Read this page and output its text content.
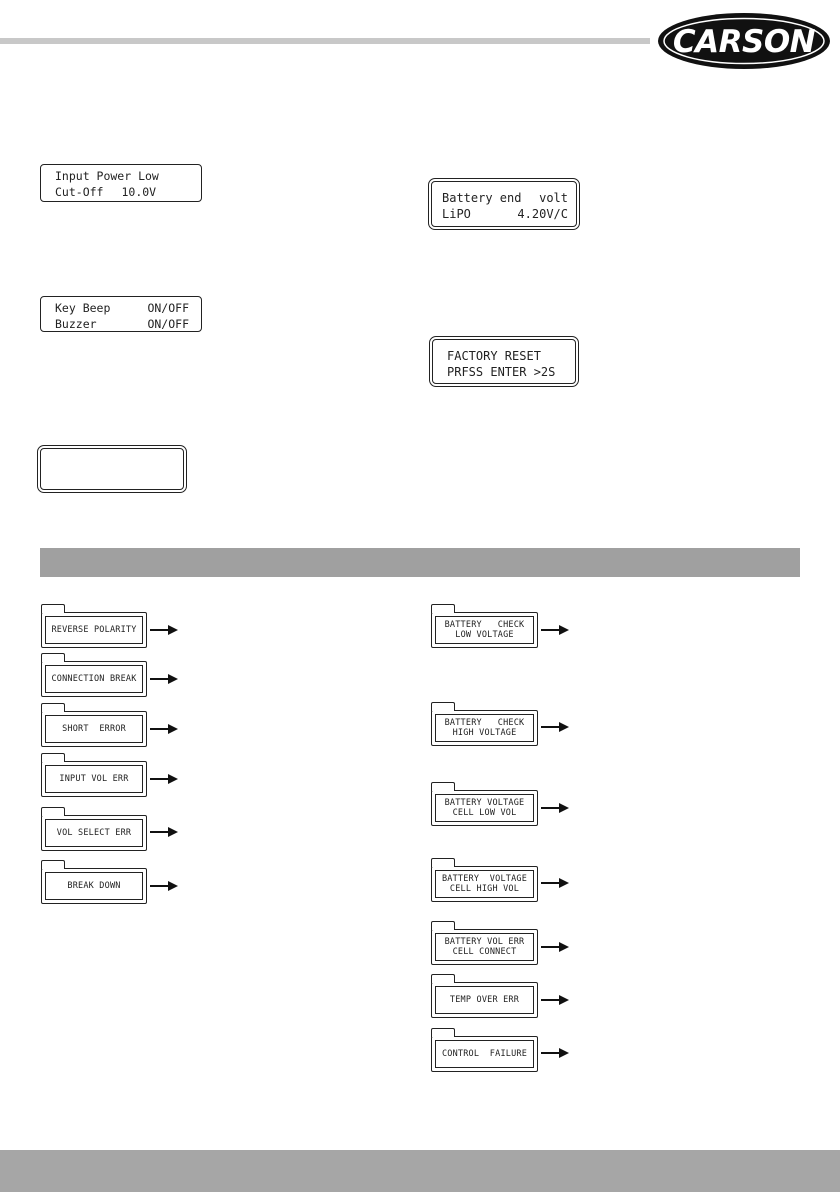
CARSON
Input Power Low
Cut-Off 10.0V	Battery end volt
LiPO	4.20V/C
Key Beep	ON/OFF
Buzzer	ON/OFF
FACTORY RESET
PRFSS ENTER >2S
REVERSE POLARITY
CONNECTION BREAK
SHORT  ERROR
INPUT VOL ERR
VOL SELECT ERR
BREAK DOWN
BATTERY   CHECK
LOW VOLTAGE
BATTERY   CHECK
HIGH VOLTAGE
BATTERY VOLTAGE
CELL LOW VOL
BATTERY  VOLTAGE
CELL HIGH VOL
BATTERY VOL ERR
CELL CONNECT
TEMP OVER ERR
CONTROL  FAILURE
